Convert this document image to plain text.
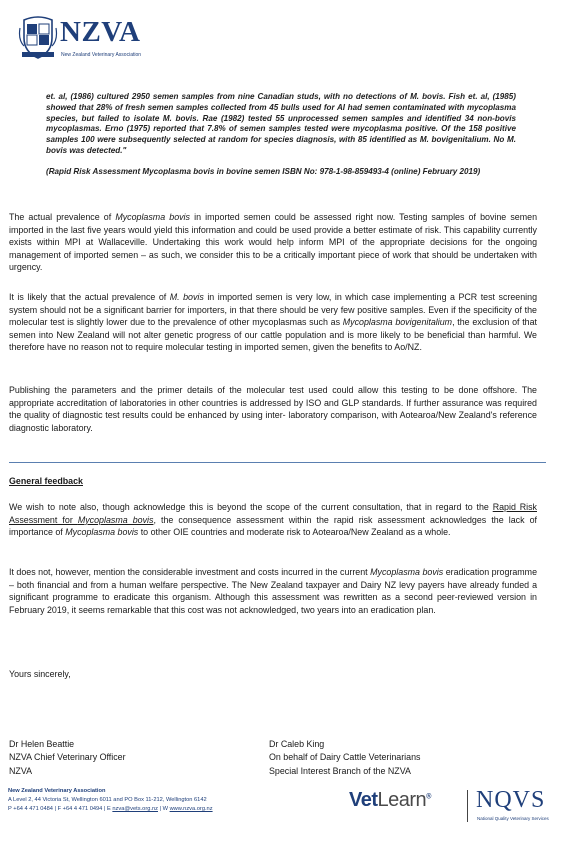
NZVA
New Zealand Veterinary Association

et. al, (1986) cultured 2950 semen samples from nine Canadian studs, with no detections of M. bovis. Fish et. al, (1985) showed that 28% of fresh semen samples collected from 45 bulls used for AI had semen contaminated with mycoplasma species, but failed to isolate M. bovis. Rae (1982) tested 55 unprocessed semen samples and identified 34 non-bovis mycoplasmas. Erno (1975) reported that 7.8% of semen samples tested were mycoplasma positive. Of the 158 positive samples 100 were subsequently selected at random for species diagnosis, with 85 identified as M. bovigenitalium. No M. bovis was detected."

(Rapid Risk Assessment Mycoplasma bovis in bovine semen ISBN No: 978-1-98-859493-4 (online) February 2019)

The actual prevalence of Mycoplasma bovis in imported semen could be assessed right now. Testing samples of bovine semen imported in the last five years would yield this information and could be used provide a better estimate of risk. This capability currently exists within MPI at Wallaceville. Undertaking this work would help inform MPI of the appropriate decisions for the ongoing management of imported semen – as such, we consider this to be a critically important piece of work that should be undertaken with urgency.

It is likely that the actual prevalence of M. bovis in imported semen is very low, in which case implementing a PCR test screening system should not be a significant barrier for importers, in that there should be very few positive samples. Even if the specificity of the molecular test is slightly lower due to the prevalence of other mycoplasmas such as Mycoplasma bovigenitalium, the exclusion of that semen into New Zealand will not alter genetic progress of our cattle population and is more likely to be beneficial than harmful. We therefore have no reason not to require molecular testing in imported semen, given the benefits to Ao/NZ.

Publishing the parameters and the primer details of the molecular test used could allow this testing to be done offshore. The appropriate accreditation of laboratories in other countries is addressed by ISO and GLP standards. If further assurance was required the quality of diagnostic test results could be enhanced by using inter- laboratory comparison, with Aotearoa/New Zealand's reference diagnostic laboratory.

General feedback

We wish to note also, though acknowledge this is beyond the scope of the current consultation, that in regard to the Rapid Risk Assessment for Mycoplasma bovis, the consequence assessment within the rapid risk assessment acknowledges the lack of importance of Mycoplasma bovis to other OIE countries and moderate risk to Aotearoa/New Zealand as a whole.

It does not, however, mention the considerable investment and costs incurred in the current Mycoplasma bovis eradication programme – both financial and from a human welfare perspective. The New Zealand taxpayer and Dairy NZ levy payers have already funded a significant programme to eradicate this organism. Although this assessment was rewritten as a second peer-reviewed version in February 2019, it seems remarkable that this cost was not acknowledged, two years into an eradication plan.

Yours sincerely,
Dr Helen Beattie
NZVA Chief Veterinary Officer
NZVA
Dr Caleb King
On behalf of Dairy Cattle Veterinarians
Special Interest Branch of the NZVA
New Zealand Veterinary Association
A Level 2, 44 Victoria St, Wellington 6011 and PO Box 11-212, Wellington 6142
P +64 4 471 0484 | F +64 4 471 0494 | E nzva@vets.org.nz | W www.nzva.org.nz	VetLearn® NQVS
National Quality Veterinary Services
